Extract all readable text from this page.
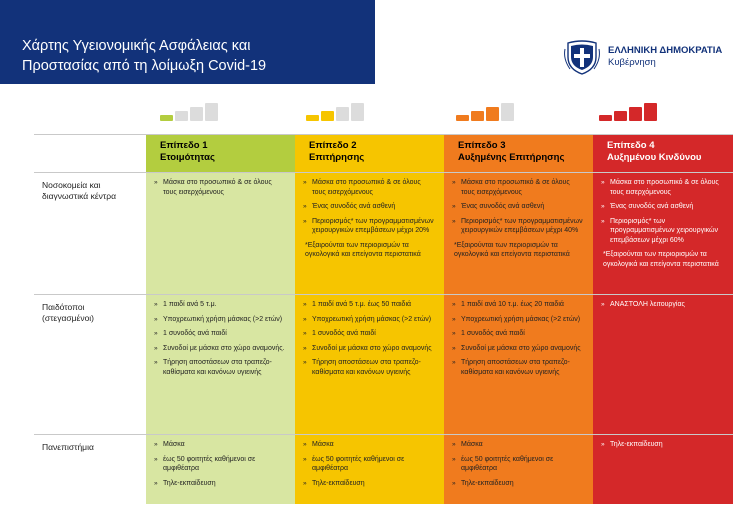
Χάρτης Υγειονομικής Ασφάλειας και
Προστασίας από τη λοίμωξη Covid-19
ΕΛΛΗΝΙΚΗ ΔΗΜΟΚΡΑΤΙΑ
Κυβέρνηση
Επίπεδο 1
Ετοιμότητας
Επίπεδο 2
Επιτήρησης
Επίπεδο 3
Αυξημένης Επιτήρησης
Επίπεδο 4
Αυξημένου Κινδύνου
Νοσοκομεία και
διαγνωστικά κέντρα
Παιδότοποι
(στεγασμένοι)
Πανεπιστήμια
» Μάσκα στο προσωπικό & σε όλους τους εισερχόμενους
» Μάσκα στο προσωπικό & σε όλους τους εισερχόμενους
» Ένας συνοδός ανά ασθενή
» Περιορισμός* των προγραμματισμένων χειρουργικών επεμβάσεων μέχρι 20%
*Εξαιρούνται των περιορισμών τα ογκολογικά και επείγοντα περιστατικά
» Μάσκα στο προσωπικό & σε όλους τους εισερχόμενους
» Ένας συνοδός ανά ασθενή
» Περιορισμός* των προγραμματισμένων χειρουργικών επεμβάσεων μέχρι 40%
*Εξαιρούνται των περιορισμών τα ογκολογικά και επείγοντα περιστατικά
» Μάσκα στο προσωπικό & σε όλους τους εισερχόμενους
» Ένας συνοδός ανά ασθενή
» Περιορισμός* των προγραμματισμένων χειρουργικών επεμβάσεων μέχρι 60%
*Εξαιρούνται των περιορισμών τα ογκολογικά και επείγοντα περιστατικά
» 1 παιδί ανά 5 τ.μ.
» Υποχρεωτική χρήση μάσκας (>2 ετών)
» 1 συνοδός ανά παιδί
» Συνοδοί με μάσκα στο χώρο αναμονής.
» Τήρηση αποστάσεων στα τραπεζο-καθίσματα και κανόνων υγιεινής
» 1 παιδί ανά 5 τ.μ. έως 50 παιδιά
» Υποχρεωτική χρήση μάσκας (>2 ετών)
» 1 συνοδός ανά παιδί
» Συνοδοί με μάσκα στο χώρο αναμονής
» Τήρηση αποστάσεων στα τραπεζο-καθίσματα και κανόνων υγιεινής
» 1 παιδί ανά 10 τ.μ. έως 20 παιδιά
» Υποχρεωτική χρήση μάσκας (>2 ετών)
» 1 συνοδός ανά παιδί
» Συνοδοί με μάσκα στο χώρο αναμονής
» Τήρηση αποστάσεων στα τραπεζο-καθίσματα και κανόνων υγιεινής
» ΑΝΑΣΤΟΛΗ λειτουργίας
» Μάσκα
» έως 50 φοιτητές καθήμενοι σε αμφιθέατρα
» Τηλε-εκπαίδευση
» Μάσκα
» έως 50 φοιτητές καθήμενοι σε αμφιθέατρα
» Τηλε-εκπαίδευση
» Μάσκα
» έως 50 φοιτητές καθήμενοι σε αμφιθέατρα
» Τηλε-εκπαίδευση
» Τηλε-εκπαίδευση
